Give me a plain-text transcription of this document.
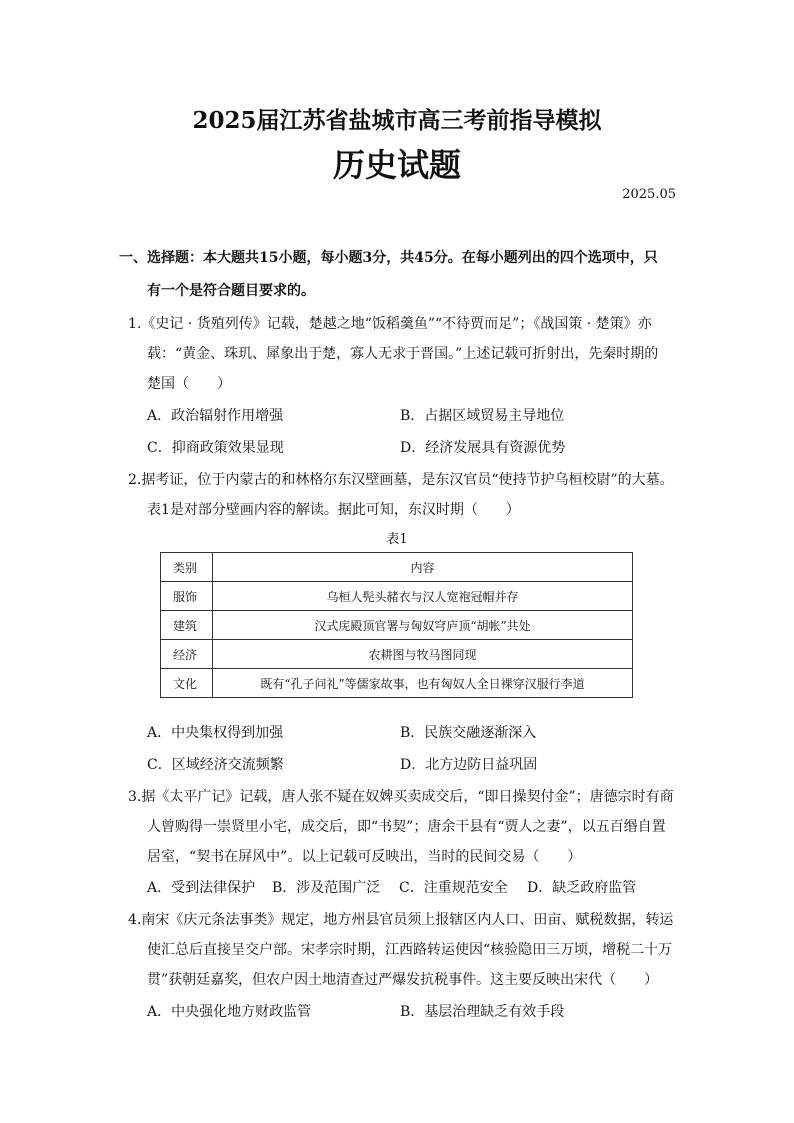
2025届江苏省盐城市高三考前指导模拟
历史试题
2025.05
一、选择题：本大题共15小题，每小题3分，共45分。在每小题列出的四个选项中，只
有一个是符合题目要求的。
1.《史记 · 货殖列传》记载，楚越之地“饭稻羹鱼”“不待贾而足”；《战国策 · 楚策》亦
载：“黄金、珠玑、犀象出于楚，寡人无求于晋国。”上述记载可折射出，先秦时期的
楚国（　　）
A．政治辐射作用增强	B．占据区域贸易主导地位
C．抑商政策效果显现	D．经济发展具有资源优势
2.据考证，位于内蒙古的和林格尔东汉壁画墓，是东汉官员“使持节护乌桓校尉”的大墓。
表1是对部分壁画内容的解读。据此可知，东汉时期（　　）
表1
类别	内容
服饰	乌桓人髡头赭衣与汉人宽袍冠帽并存
建筑	汉式庑殿顶官署与匈奴穹庐顶“胡帐”共处
经济	农耕图与牧马图同现
文化	既有“孔子问礼”等儒家故事，也有匈奴人全日裸穿汉服行李道
A．中央集权得到加强	B．民族交融逐渐深入
C．区域经济交流频繁	D．北方边防日益巩固
3.据《太平广记》记载，唐人张不疑在奴婢买卖成交后，“即日操契付金”；唐德宗时有商
人曾购得一崇贤里小宅，成交后，即“书契”；唐余干县有“贾人之妻”，以五百缗自置
居室，“契书在屏风中”。以上记载可反映出，当时的民间交易（　　）
A．受到法律保护 B．涉及范围广泛 C．注重规范安全 D．缺乏政府监管
4.南宋《庆元条法事类》规定，地方州县官员须上报辖区内人口、田亩、赋税数据，转运
使汇总后直接呈交户部。宋孝宗时期，江西路转运使因“核验隐田三万顷，增税二十万
贯”获朝廷嘉奖，但农户因土地清查过严爆发抗税事件。这主要反映出宋代（　　）
A．中央强化地方财政监管	B．基层治理缺乏有效手段
